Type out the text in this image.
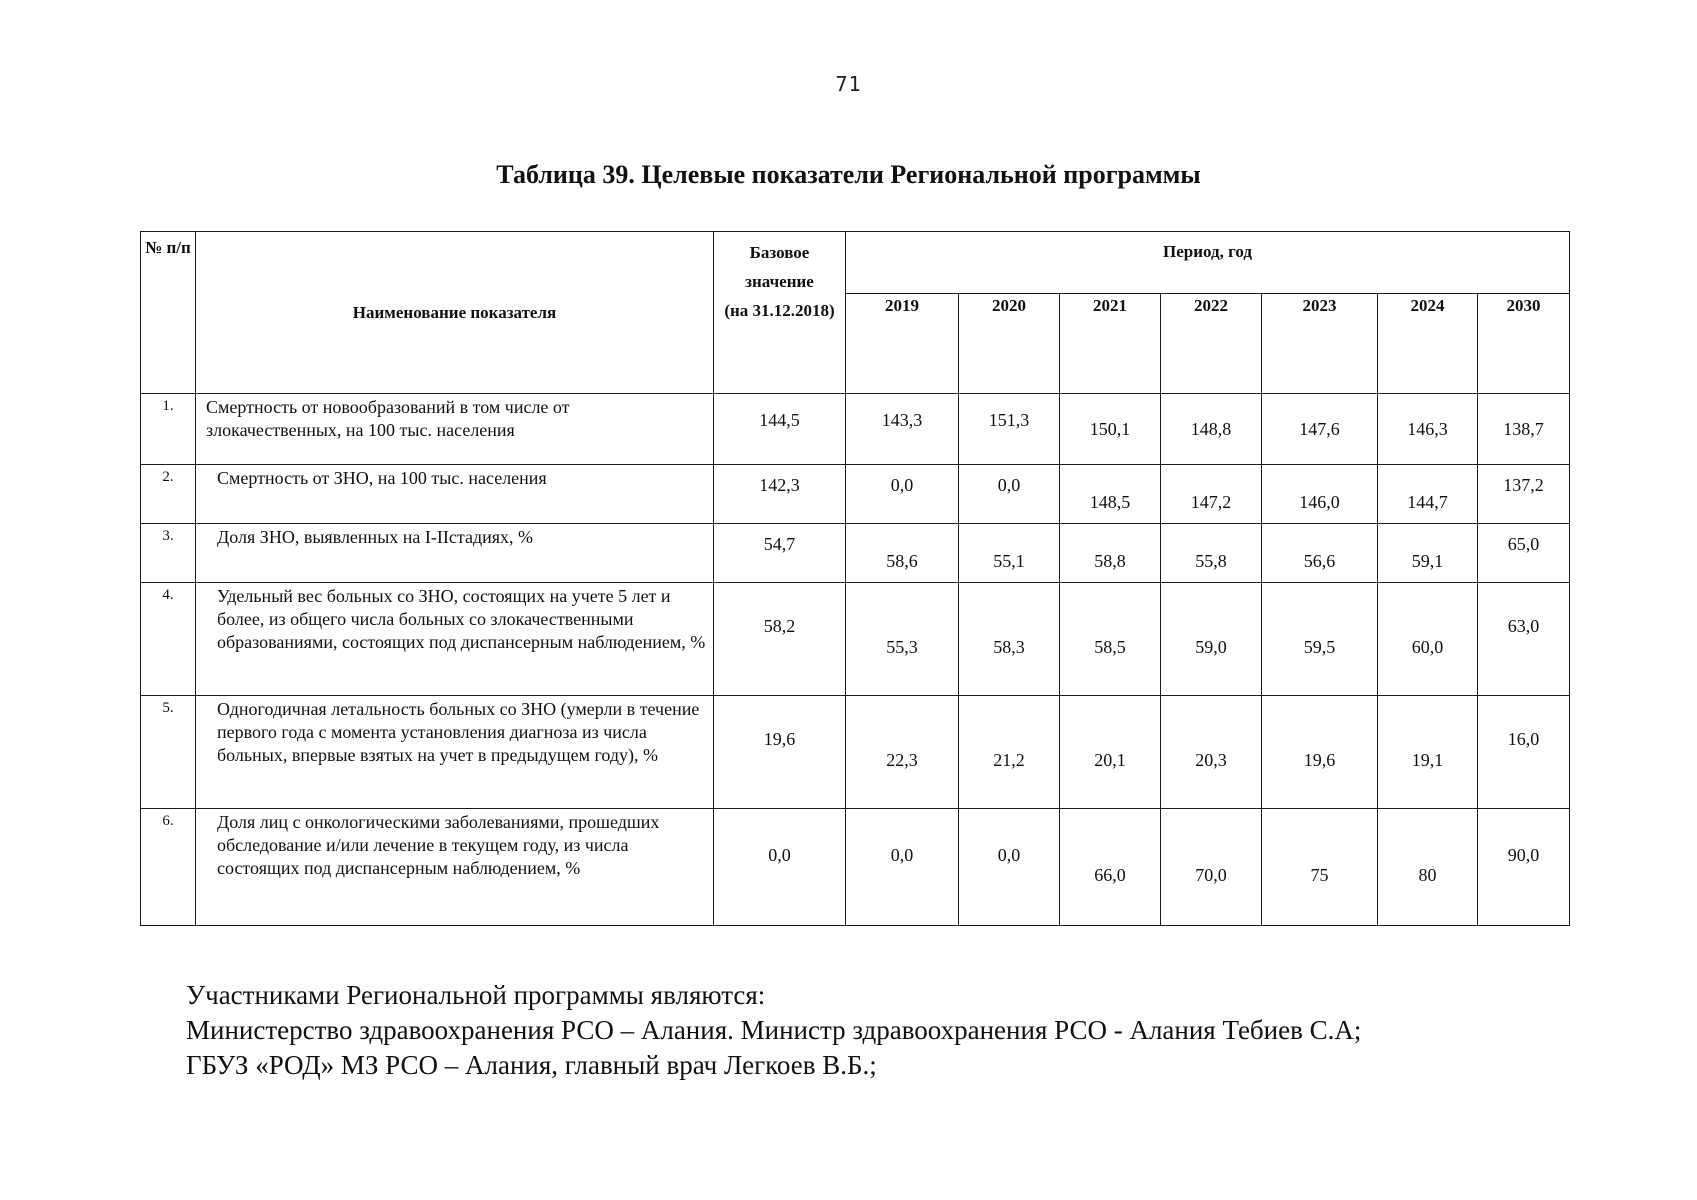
71
Таблица 39. Целевые показатели Региональной программы
№ п/п	Наименование показателя	Базовое значение
(на 31.12.2018)	Период, год						
			2019	2020	2021	2022	2023	2024	2030
1.	Смертность от новообразований в том числе от злокачественных, на 100 тыс. населения	144,5	143,3	151,3	150,1	148,8	147,6	146,3	138,7
2.	Смертность от ЗНО, на 100 тыс. населения	142,3	0,0	0,0	148,5	147,2	146,0	144,7	137,2
3.	Доля ЗНО, выявленных на I-IIстадиях, %	54,7	58,6	55,1	58,8	55,8	56,6	59,1	65,0
4.	Удельный вес больных со ЗНО, состоящих на учете 5 лет и более, из общего числа больных со злокачественными образованиями, состоящих под диспансерным наблюдением, %	58,2	55,3	58,3	58,5	59,0	59,5	60,0	63,0
5.	Одногодичная летальность больных со ЗНО (умерли в течение первого года с момента установления диагноза из числа больных, впервые взятых на учет в предыдущем году), %	19,6	22,3	21,2	20,1	20,3	19,6	19,1	16,0
6.	Доля лиц с онкологическими заболеваниями, прошедших обследование и/или лечение в текущем году, из числа состоящих под диспансерным наблюдением, %	0,0	0,0	0,0	66,0	70,0	75	80	90,0
Участниками Региональной программы являются:
Министерство здравоохранения РСО – Алания. Министр здравоохранения РСО - Алания Тебиев С.А;
ГБУЗ «РОД» МЗ РСО – Алания, главный врач Легкоев В.Б.;
